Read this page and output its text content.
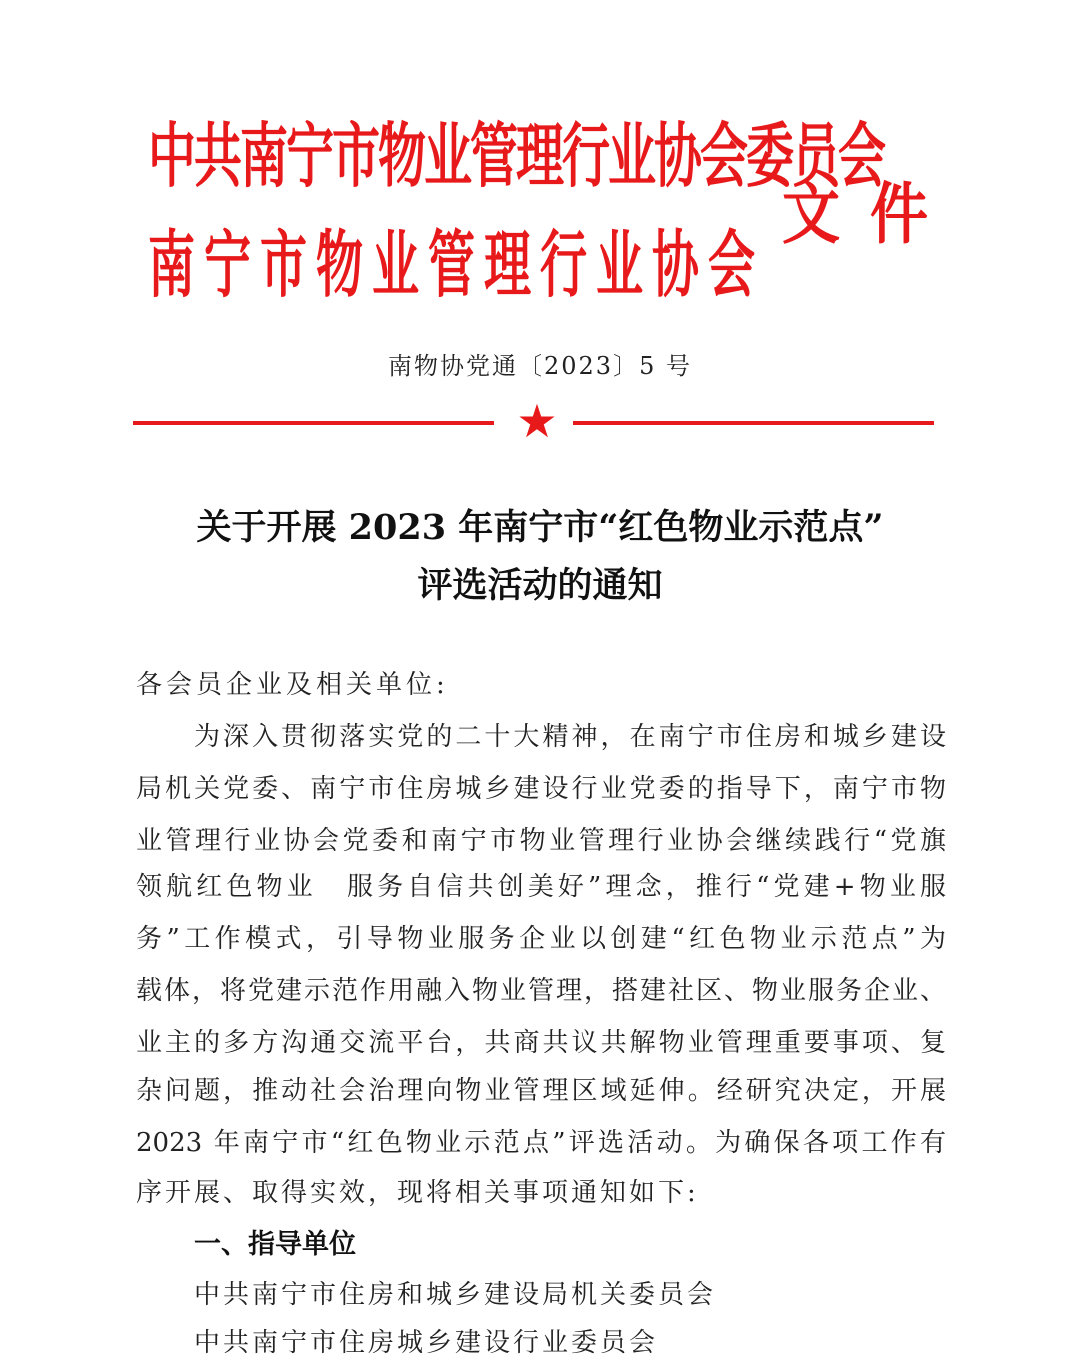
中共南宁市物业管理行业协会委员会
南宁市物业管理行业协会
文件
南物协党通〔2023〕5 号
★
关于开展 2023 年南宁市“红色物业示范点”
评选活动的通知
各会员企业及相关单位:
为深入贯彻落实党的二十大精神，在南宁市住房和城乡建设
局机关党委、南宁市住房城乡建设行业党委的指导下，南宁市物
业管理行业协会党委和南宁市物业管理行业协会继续践行“党旗
领航红色物业　服务自信共创美好”理念，推行“党建+物业服
务”工作模式，引导物业服务企业以创建“红色物业示范点”为
载体，将党建示范作用融入物业管理，搭建社区、物业服务企业、
业主的多方沟通交流平台，共商共议共解物业管理重要事项、复
杂问题，推动社会治理向物业管理区域延伸。经研究决定，开展
2023 年南宁市“红色物业示范点”评选活动。为确保各项工作有
序开展、取得实效，现将相关事项通知如下:
一、指导单位
中共南宁市住房和城乡建设局机关委员会
中共南宁市住房城乡建设行业委员会
